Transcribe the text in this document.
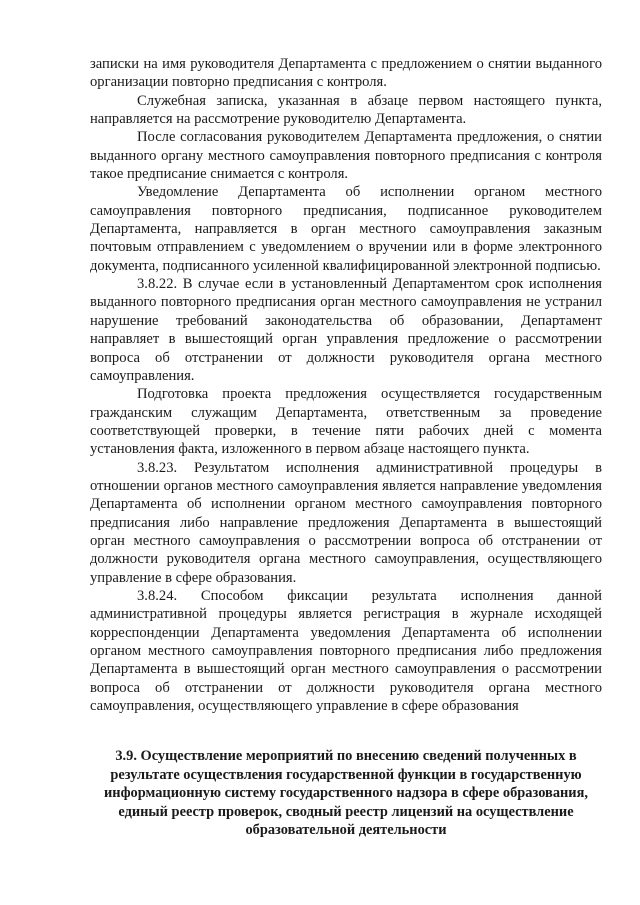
записки на имя руководителя Департамента с предложением о снятии выданного организации повторно предписания с контроля.

Служебная записка, указанная в абзаце первом настоящего пункта, направляется на рассмотрение руководителю Департамента.

После согласования руководителем Департамента предложения, о снятии выданного органу местного самоуправления повторного предписания с контроля такое предписание снимается с контроля.

Уведомление Департамента об исполнении органом местного самоуправления повторного предписания, подписанное руководителем Департамента, направляется в орган местного самоуправления заказным почтовым отправлением с уведомлением о вручении или в форме электронного документа, подписанного усиленной квалифицированной электронной подписью.

3.8.22. В случае если в установленный Департаментом срок исполнения выданного повторного предписания орган местного самоуправления не устранил нарушение требований законодательства об образовании, Департамент направляет в вышестоящий орган управления предложение о рассмотрении вопроса об отстранении от должности руководителя органа местного самоуправления.

Подготовка проекта предложения осуществляется государственным гражданским служащим Департамента, ответственным за проведение соответствующей проверки, в течение пяти рабочих дней с момента установления факта, изложенного в первом абзаце настоящего пункта.

3.8.23. Результатом исполнения административной процедуры в отношении органов местного самоуправления является направление уведомления Департамента об исполнении органом местного самоуправления повторного предписания либо направление предложения Департамента в вышестоящий орган местного самоуправления о рассмотрении вопроса об отстранении от должности руководителя органа местного самоуправления, осуществляющего управление в сфере образования.

3.8.24. Способом фиксации результата исполнения данной административной процедуры является регистрация в журнале исходящей корреспонденции Департамента уведомления Департамента об исполнении органом местного самоуправления повторного предписания либо предложения Департамента в вышестоящий орган местного самоуправления о рассмотрении вопроса об отстранении от должности руководителя органа местного самоуправления, осуществляющего управление в сфере образования

3.9. Осуществление мероприятий по внесению сведений полученных в результате осуществления государственной функции в государственную информационную систему государственного надзора в сфере образования, единый реестр проверок, сводный реестр лицензий на осуществление образовательной деятельности
